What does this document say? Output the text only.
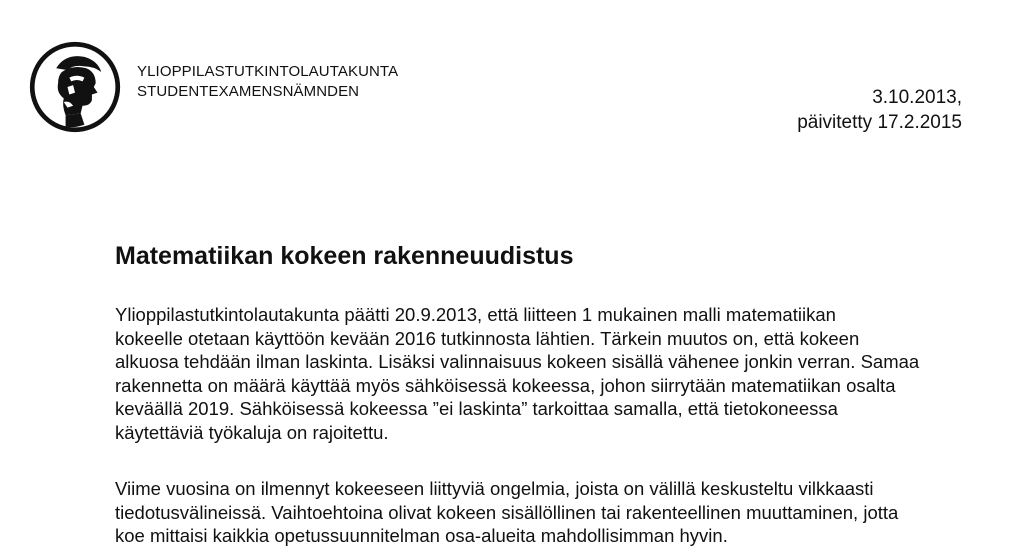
YLIOPPILASTUTKINTOLAUTAKUNTA
STUDENTEXAMENSNÄMNDEN	3.10.2013,
päivitetty 17.2.2015
Matematiikan kokeen rakenneuudistus
Ylioppilastutkintolautakunta päätti 20.9.2013, että liitteen 1 mukainen malli matematiikan
kokeelle otetaan käyttöön kevään 2016 tutkinnosta lähtien. Tärkein muutos on, että kokeen
alkuosa tehdään ilman laskinta. Lisäksi valinnaisuus kokeen sisällä vähenee jonkin verran. Samaa
rakennetta on määrä käyttää myös sähköisessä kokeessa, johon siirrytään matematiikan osalta
keväällä 2019. Sähköisessä kokeessa ”ei laskinta” tarkoittaa samalla, että tietokoneessa
käytettäviä työkaluja on rajoitettu.
Viime vuosina on ilmennyt kokeeseen liittyviä ongelmia, joista on välillä keskusteltu vilkkaasti
tiedotusvälineissä. Vaihtoehtoina olivat kokeen sisällöllinen tai rakenteellinen muuttaminen, jotta
koe mittaisi kaikkia opetussuunnitelman osa-alueita mahdollisimman hyvin.
